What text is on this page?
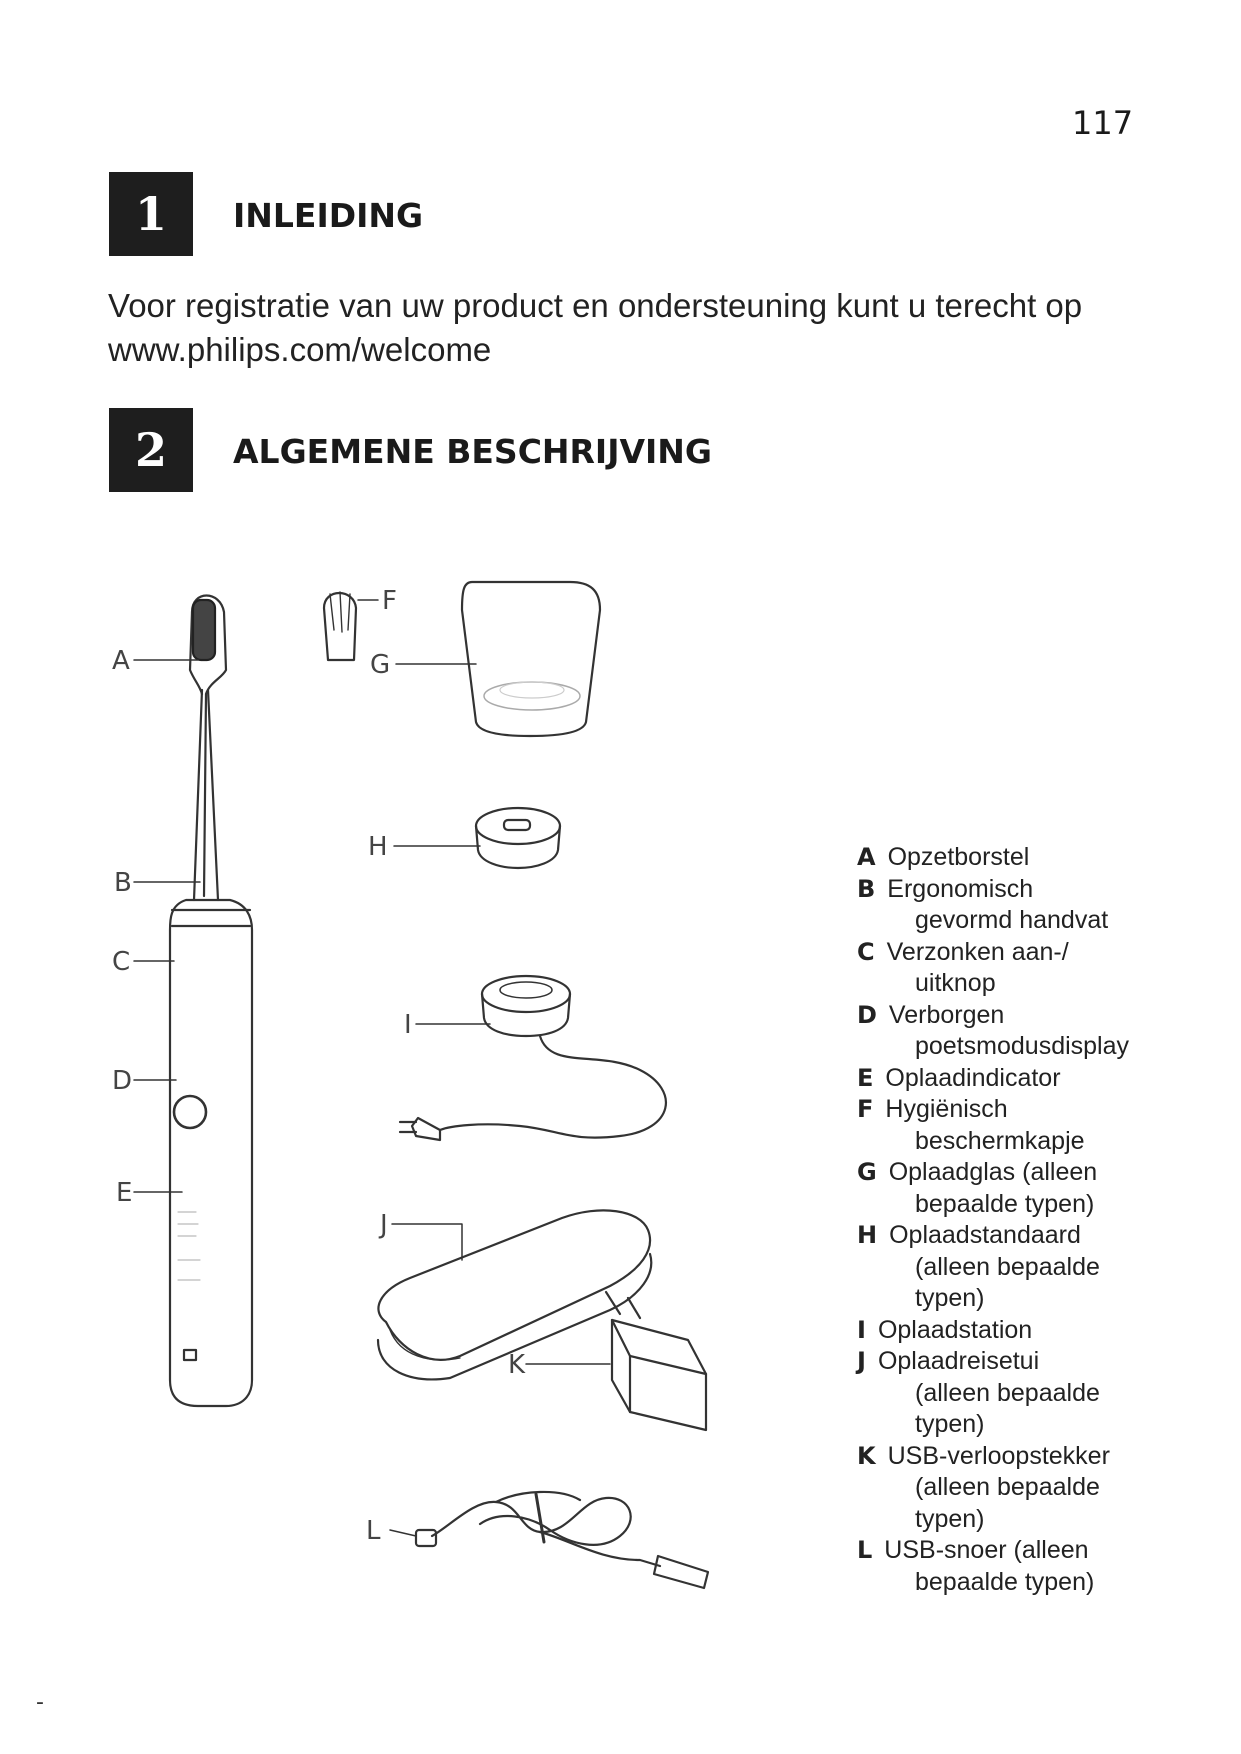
117
1	INLEIDING

Voor registratie van uw product en ondersteuning kunt u terecht op
www.philips.com/welcome

2	ALGEMENE BESCHRIJVING
A
B
C
D
E
F
G
H
I
J
K
L
A Opzetborstel
B Ergonomisch
gevormd handvat
C Verzonken aan-/
uitknop
D Verborgen
poetsmodusdisplay
E Oplaadindicator
F Hygiënisch
beschermkapje
G Oplaadglas (alleen
bepaalde typen)
H Oplaadstandaard
(alleen bepaalde
typen)
I Oplaadstation
J Oplaadreisetui
(alleen bepaalde
typen)
K USB-verloopstekker
(alleen bepaalde
typen)
L USB-snoer (alleen
bepaalde typen)
-
